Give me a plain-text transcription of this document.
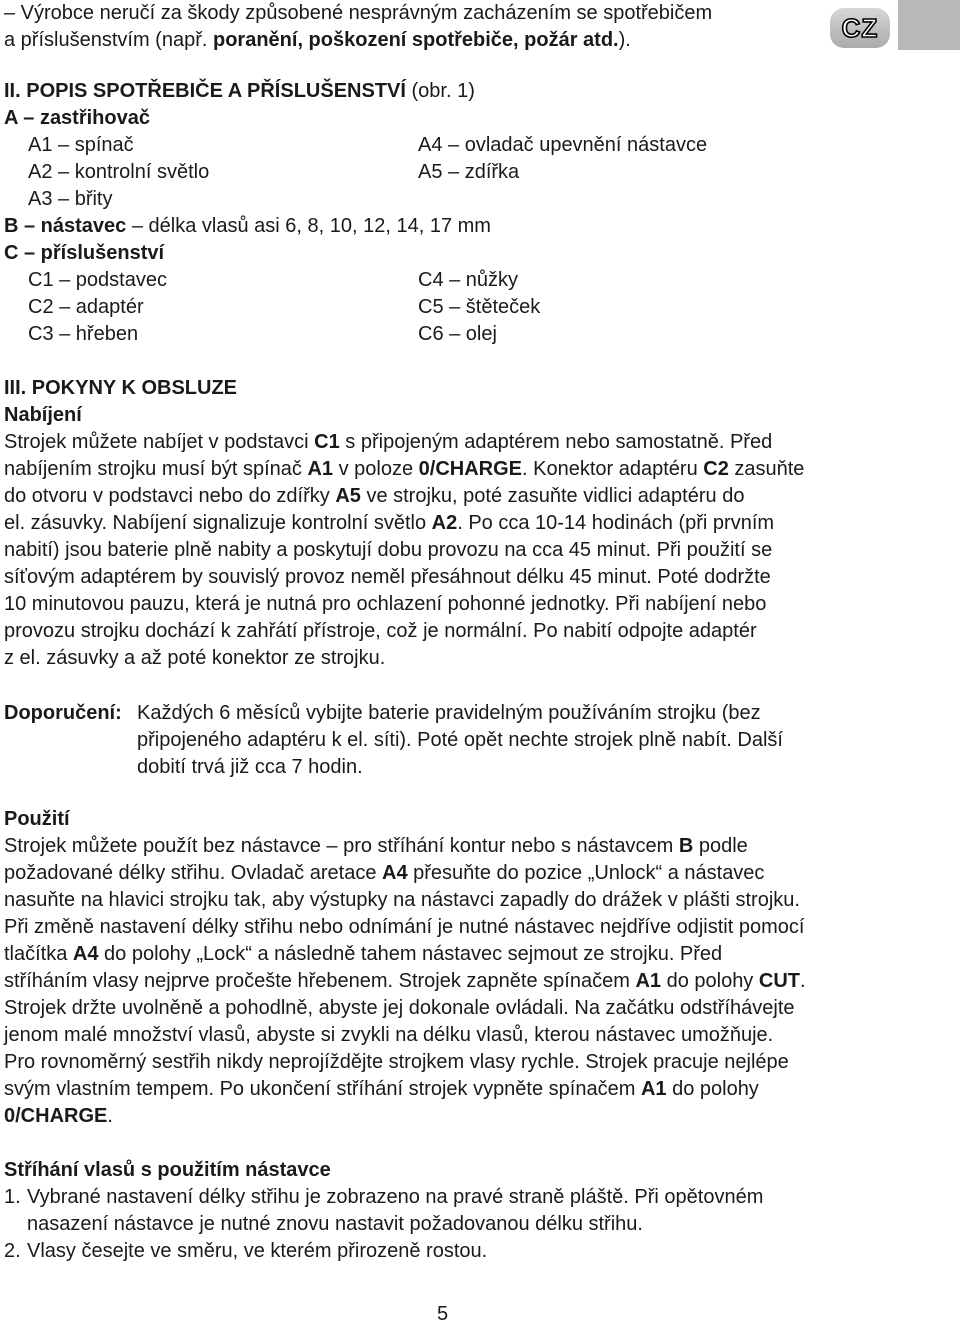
CZ
– Výrobce neručí za škody způsobené nesprávným zacházením se spotřebičem
a příslušenstvím (např. poranění, poškození spotřebiče, požár atd.).
II. POPIS SPOTŘEBIČE A PŘÍSLUŠENSTVÍ (obr. 1)
A – zastřihovač
A1 – spínač
A2 – kontrolní světlo
A3 – břity
A4 – ovladač upevnění nástavce
A5 – zdířka
B – nástavec – délka vlasů asi 6, 8, 10, 12, 14, 17 mm
C – příslušenství
C1 – podstavec
C2 – adaptér
C3 – hřeben
C4 – nůžky
C5 – štěteček
C6 – olej
III. POKYNY K OBSLUZE
Nabíjení
Strojek můžete nabíjet v podstavci C1 s připojeným adaptérem nebo samostatně. Před
nabíjením strojku musí být spínač A1 v poloze 0/CHARGE. Konektor adaptéru C2 zasuňte
do otvoru v podstavci nebo do zdířky A5 ve strojku, poté zasuňte vidlici adaptéru do
el. zásuvky. Nabíjení signalizuje kontrolní světlo A2. Po cca 10-14 hodinách (při prvním
nabití) jsou baterie plně nabity a poskytují dobu provozu na cca 45 minut. Při použití se
síťovým adaptérem by souvislý provoz neměl přesáhnout délku 45 minut. Poté dodržte
10 minutovou pauzu, která je nutná pro ochlazení pohonné jednotky. Při nabíjení nebo
provozu strojku dochází k zahřátí přístroje, což je normální. Po nabití odpojte adaptér
z el. zásuvky a až poté konektor ze strojku.
Doporučení: Každých 6 měsíců vybijte baterie pravidelným používáním strojku (bez
připojeného adaptéru k el. síti). Poté opět nechte strojek plně nabít. Další
dobití trvá již cca 7 hodin.
Použití
Strojek můžete použít bez nástavce – pro stříhání kontur nebo s nástavcem B podle
požadované délky střihu. Ovladač aretace A4 přesuňte do pozice „Unlock“ a nástavec
nasuňte na hlavici strojku tak, aby výstupky na nástavci zapadly do drážek v plášti strojku.
Při změně nastavení délky střihu nebo odnímání je nutné nástavec nejdříve odjistit pomocí
tlačítka A4 do polohy „Lock“ a následně tahem nástavec sejmout ze strojku. Před
stříháním vlasy nejprve pročešte hřebenem. Strojek zapněte spínačem A1 do polohy CUT.
Strojek držte uvolněně a pohodlně, abyste jej dokonale ovládali. Na začátku odstříhávejte
jenom malé množství vlasů, abyste si zvykli na délku vlasů, kterou nástavec umožňuje.
Pro rovnoměrný sestřih nikdy neprojíždějte strojkem vlasy rychle. Strojek pracuje nejlépe
svým vlastním tempem. Po ukončení stříhání strojek vypněte spínačem A1 do polohy
0/CHARGE.
Stříhání vlasů s použitím nástavce
1. Vybrané nastavení délky střihu je zobrazeno na pravé straně pláště. Při opětovném
nasazení nástavce je nutné znovu nastavit požadovanou délku střihu.
2. Vlasy česejte ve směru, ve kterém přirozeně rostou.
5
